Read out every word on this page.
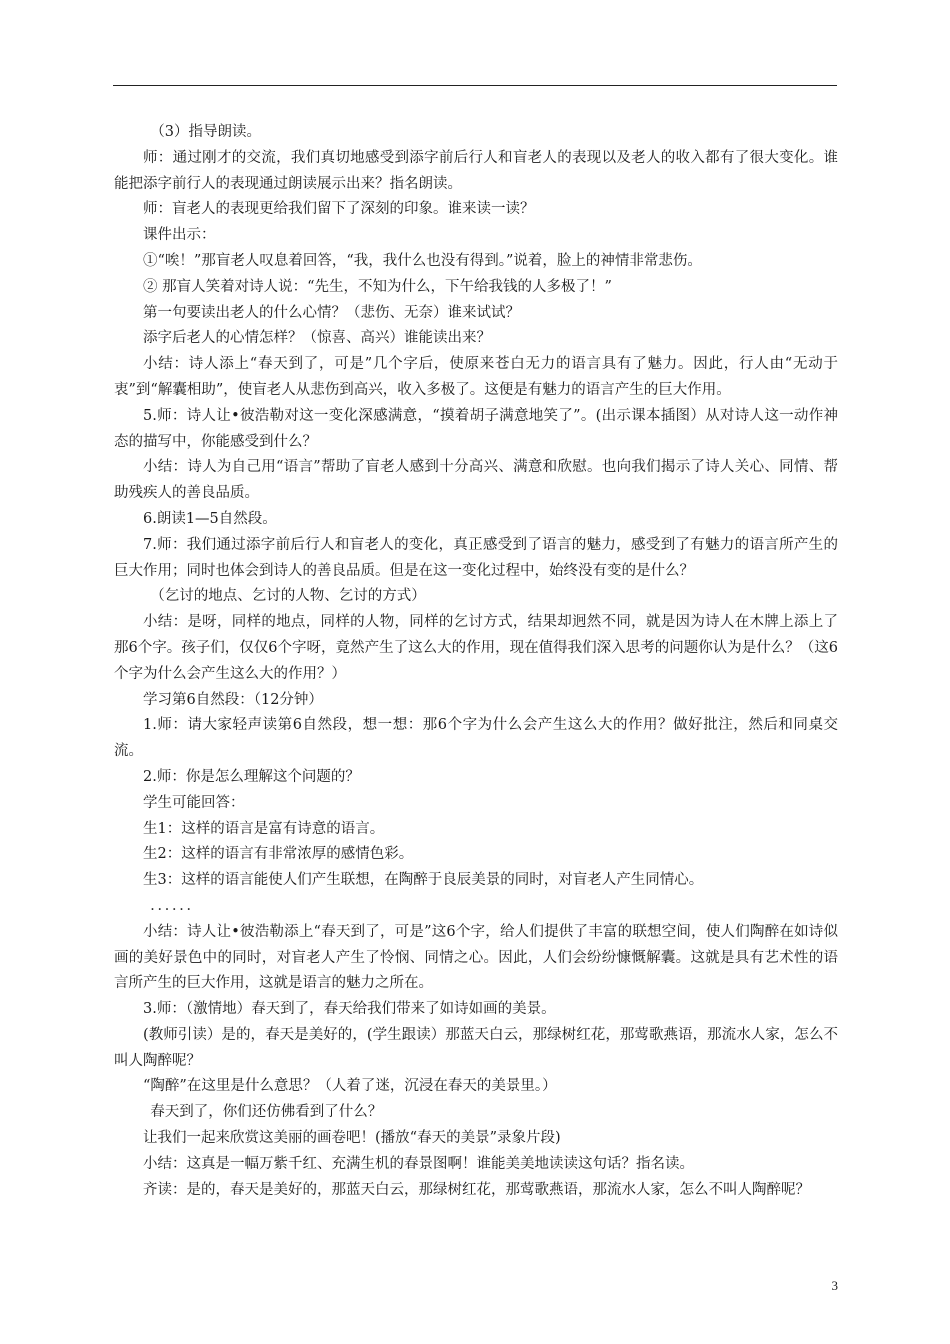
（3）指导朗读。

师：通过刚才的交流，我们真切地感受到添字前后行人和盲老人的表现以及老人的收入都有了很大变化。谁能把添字前行人的表现通过朗读展示出来？指名朗读。

师：盲老人的表现更给我们留下了深刻的印象。谁来读一读？

课件出示：

①“唉！”那盲老人叹息着回答，“我，我什么也没有得到。”说着，脸上的神情非常悲伤。

② 那盲人笑着对诗人说：“先生，不知为什么，下午给我钱的人多极了！”

第一句要读出老人的什么心情？（悲伤、无奈）谁来试试？

添字后老人的心情怎样？（惊喜、高兴）谁能读出来？

小结：诗人添上“春天到了，可是”几个字后，使原来苍白无力的语言具有了魅力。因此，行人由“无动于衷”到“解囊相助”，使盲老人从悲伤到高兴，收入多极了。这便是有魅力的语言产生的巨大作用。

5.师：诗人让•彼浩勒对这一变化深感满意，“摸着胡子满意地笑了”。(出示课本插图）从对诗人这一动作神态的描写中，你能感受到什么？

小结：诗人为自己用“语言”帮助了盲老人感到十分高兴、满意和欣慰。也向我们揭示了诗人关心、同情、帮助残疾人的善良品质。

6.朗读1—5自然段。

7.师：我们通过添字前后行人和盲老人的变化，真正感受到了语言的魅力，感受到了有魅力的语言所产生的巨大作用；同时也体会到诗人的善良品质。但是在这一变化过程中，始终没有变的是什么？

（乞讨的地点、乞讨的人物、乞讨的方式）

小结：是呀，同样的地点，同样的人物，同样的乞讨方式，结果却迥然不同，就是因为诗人在木牌上添上了那6个字。孩子们，仅仅6个字呀，竟然产生了这么大的作用，现在值得我们深入思考的问题你认为是什么？（这6个字为什么会产生这么大的作用？）

学习第6自然段：（12分钟）

1.师：请大家轻声读第6自然段，想一想：那6个字为什么会产生这么大的作用？做好批注，然后和同桌交流。

2.师：你是怎么理解这个问题的？

学生可能回答：

生1：这样的语言是富有诗意的语言。

生2：这样的语言有非常浓厚的感情色彩。

生3：这样的语言能使人们产生联想，在陶醉于良辰美景的同时，对盲老人产生同情心。

．．．．．．

小结：诗人让•彼浩勒添上“春天到了，可是”这6个字，给人们提供了丰富的联想空间，使人们陶醉在如诗似画的美好景色中的同时，对盲老人产生了怜悯、同情之心。因此，人们会纷纷慷慨解囊。这就是具有艺术性的语言所产生的巨大作用，这就是语言的魅力之所在。

3.师：（激情地）春天到了，春天给我们带来了如诗如画的美景。

(教师引读）是的，春天是美好的，(学生跟读）那蓝天白云，那绿树红花，那莺歌燕语，那流水人家，怎么不叫人陶醉呢？

“陶醉”在这里是什么意思？（人着了迷，沉浸在春天的美景里。）

春天到了，你们还仿佛看到了什么？

让我们一起来欣赏这美丽的画卷吧！(播放“春天的美景”录象片段)

小结：这真是一幅万紫千红、充满生机的春景图啊！谁能美美地读读这句话？指名读。

齐读：是的，春天是美好的，那蓝天白云，那绿树红花，那莺歌燕语，那流水人家，怎么不叫人陶醉呢？

3
